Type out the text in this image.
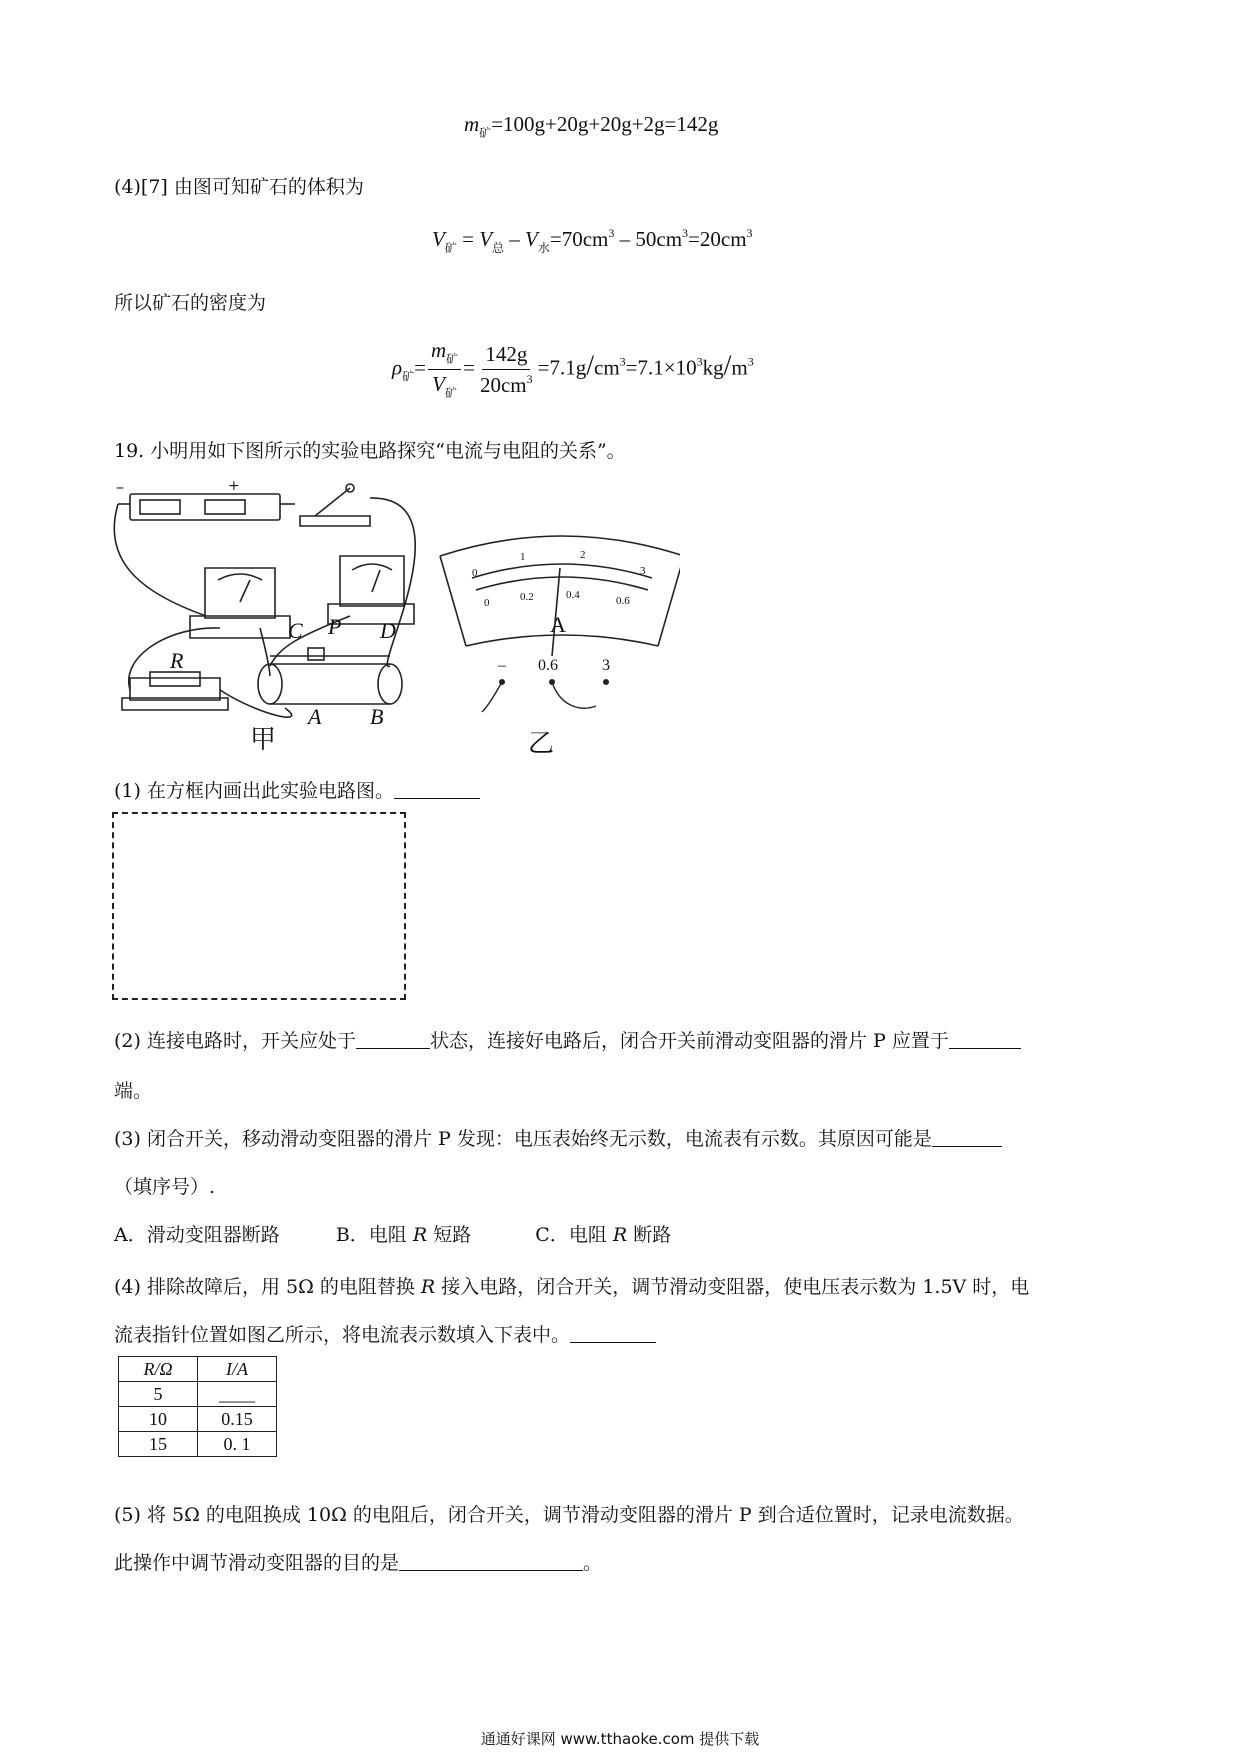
$m_矿=100g+20g+20g+2g=142g$
(4)[7] 由图可知矿石的体积为
$V_矿 = V_总 - V_水=70cm^3 - 50cm^3=20cm^3$
所以矿石的密度为
$\rho_矿= \frac{m_矿}{V_矿} = \frac{142g}{20cm^3} =7.1g/cm^3=7.1\times 10^3kg/m^3$
19. 小明用如下图所示的实验电路探究“电流与电阻的关系”。
R
C P D
A B
–	+
甲
0
1	2
3
0	0.2	0.4	0.6
A
– 0.6	3
乙
(1) 在方框内画出此实验电路图。
(2) 连接电路时，开关应处于	状态，连接好电路后，闭合开关前滑动变阻器的滑片 P 应置于
端。
(3) 闭合开关，移动滑动变阻器的滑片 P 发现：电压表始终无示数，电流表有示数。其原因可能是
（填序号）.
A．滑动变阻器断路	B．电阻 R 短路	C．电阻 R 断路
(4) 排除故障后，用 5Ω 的电阻替换 R 接入电路，闭合开关，调节滑动变阻器，使电压表示数为 1.5V 时，电
流表指针位置如图乙所示，将电流表示数填入下表中。
R/Ω	I/A
5	____
10	0.15
15	0. 1
(5) 将 5Ω 的电阻换成 10Ω 的电阻后，闭合开关，调节滑动变阻器的滑片 P 到合适位置时，记录电流数据。
此操作中调节滑动变阻器的目的是	。
通通好课网 www.tthaoke.com 提供下载
